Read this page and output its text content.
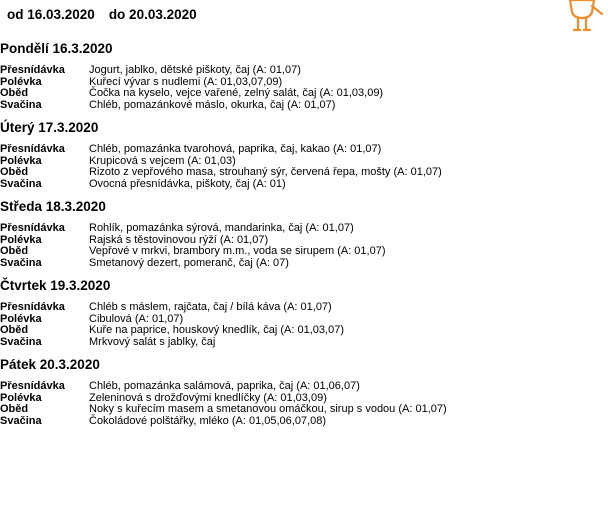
od 16.03.2020 do 20.03.2020
Pondělí 16.3.2020
Přesnídávka Jogurt, jablko, dětské piškoty, čaj (A: 01,07)
Polévka	Kuřecí vývar s nudlemi (A: 01,03,07,09)
Oběd	Čočka na kyselo, vejce vařené, zelný salát, čaj (A: 01,03,09)
Svačina	Chléb, pomazánkové máslo, okurka, čaj (A: 01,07)
Úterý 17.3.2020
Přesnídávka Chléb, pomazánka tvarohová, paprika, čaj, kakao (A: 01,07)
Polévka	Krupicová s vejcem (A: 01,03)
Oběd	Rizoto z vepřového masa, strouhaný sýr, červená řepa, mošty (A: 01,07)
Svačina	Ovocná přesnídávka, piškoty, čaj (A: 01)
Středa 18.3.2020
Přesnídávka Rohlík, pomazánka sýrová, mandarinka, čaj (A: 01,07)
Polévka	Rajská s těstovinovou rýží (A: 01,07)
Oběd	Vepřové v mrkvi, brambory m.m., voda se sirupem (A: 01,07)
Svačina	Smetanový dezert, pomeranč, čaj (A: 07)
Čtvrtek 19.3.2020
Přesnídávka Chléb s máslem, rajčata, čaj / bílá káva (A: 01,07)
Polévka	Cibulová (A: 01,07)
Oběd	Kuře na paprice, houskový knedlík, čaj (A: 01,03,07)
Svačina	Mrkvový salát s jablky, čaj
Pátek 20.3.2020
Přesnídávka Chléb, pomazánka salámová, paprika, čaj (A: 01,06,07)
Polévka	Zeleninová s drožďovými knedlíčky (A: 01,03,09)
Oběd	Noky s kuřecím masem a smetanovou omáčkou, sirup s vodou (A: 01,07)
Svačina	Čokoládové polštářky, mléko (A: 01,05,06,07,08)
